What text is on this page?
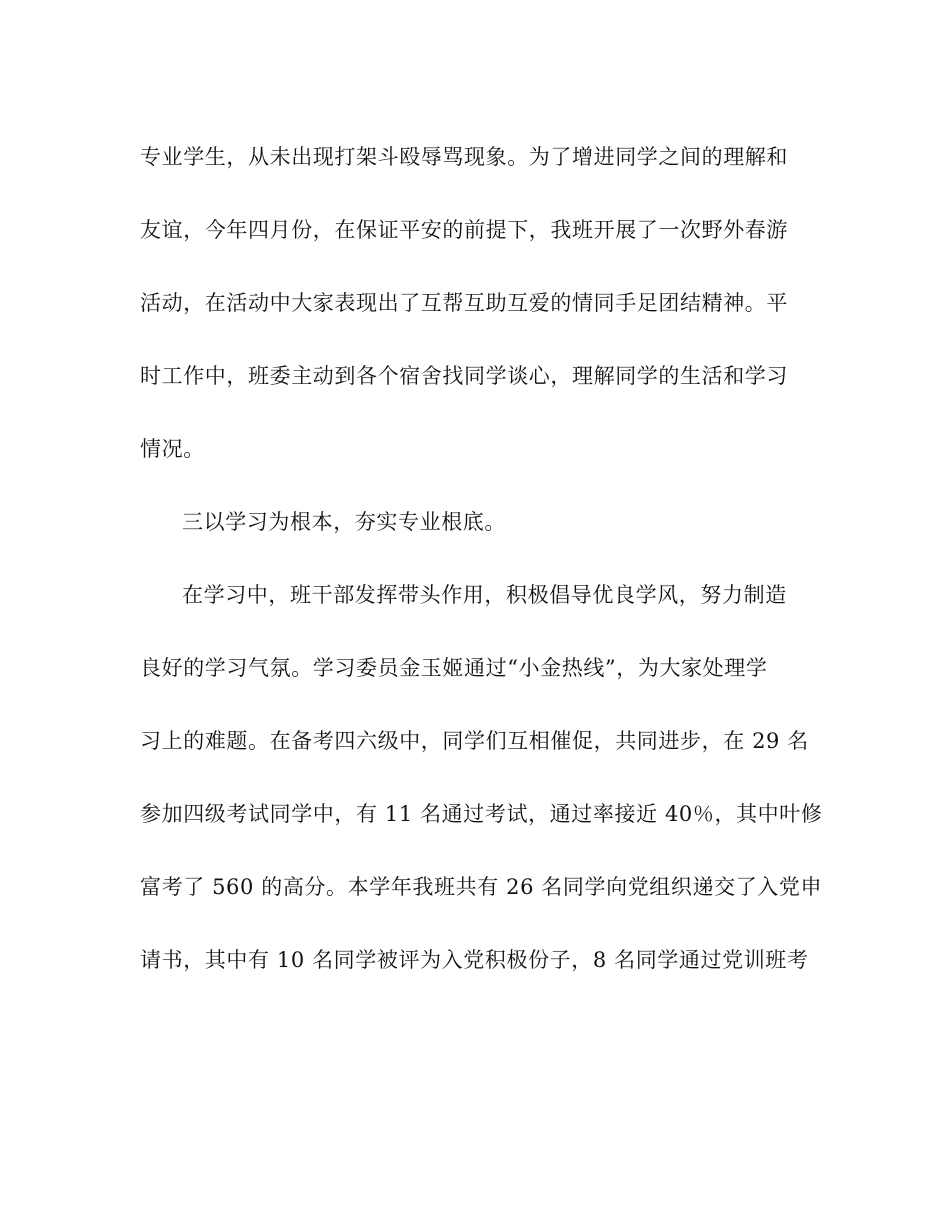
专业学生，从未出现打架斗殴辱骂现象。为了增进同学之间的理解和
友谊，今年四月份，在保证平安的前提下，我班开展了一次野外春游
活动，在活动中大家表现出了互帮互助互爱的情同手足团结精神。平
时工作中，班委主动到各个宿舍找同学谈心，理解同学的生活和学习
情况。
三以学习为根本，夯实专业根底。
在学习中，班干部发挥带头作用，积极倡导优良学风，努力制造
良好的学习气氛。学习委员金玉姬通过“小金热线”，为大家处理学
习上的难题。在备考四六级中，同学们互相催促，共同进步，在 29 名
参加四级考试同学中，有 11 名通过考试，通过率接近 40％，其中叶修
富考了 560 的高分。本学年我班共有 26 名同学向党组织递交了入党申
请书，其中有 10 名同学被评为入党积极份子，8 名同学通过党训班考
